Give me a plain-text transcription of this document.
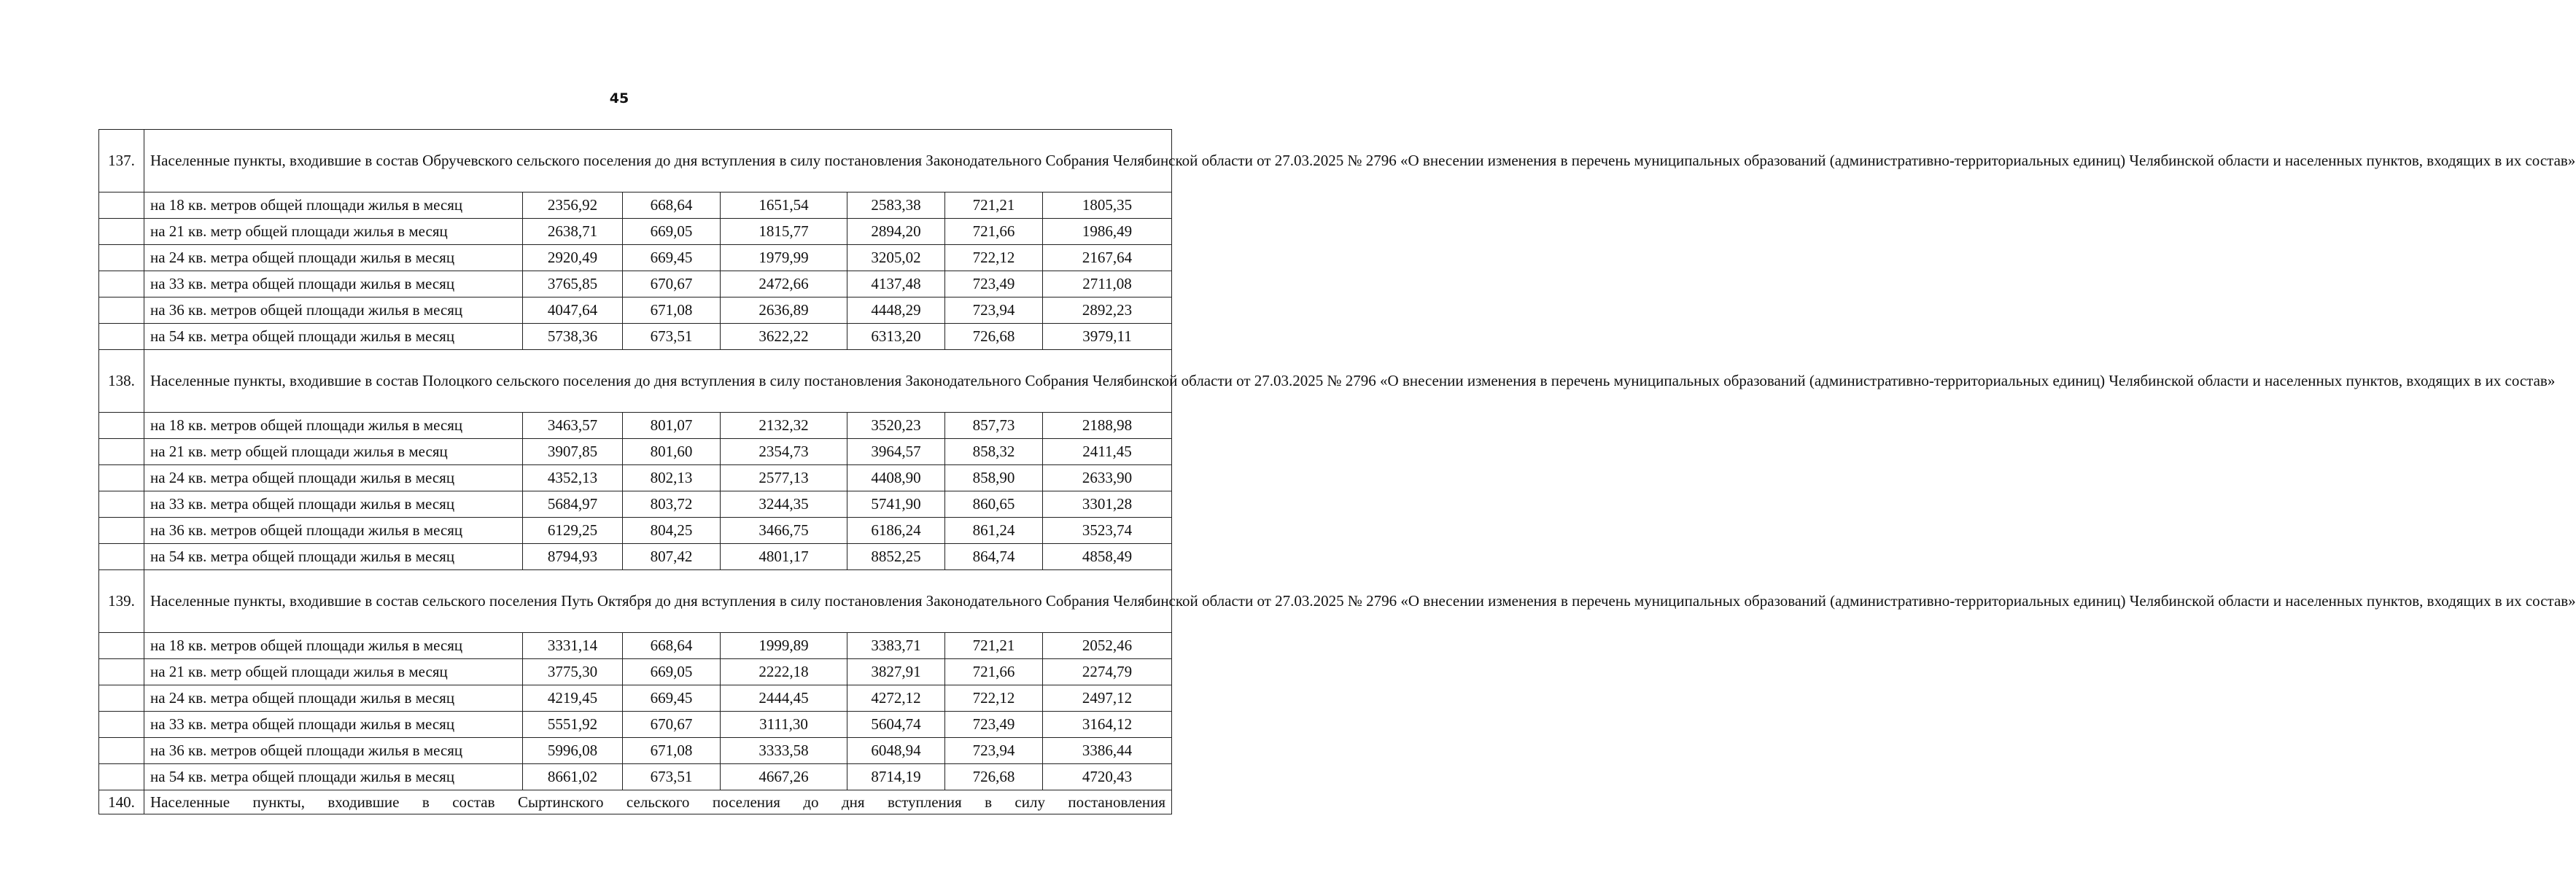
45
137.	Населенные пункты, входившие в состав Обручевского сельского поселения до дня вступления в силу постановления Законодательного Собрания Челябинской области от 27.03.2025 № 2796 «О внесении изменения в перечень муниципальных образований (административно-территориальных единиц) Челябинской области и населенных пунктов, входящих в их состав»						
	на 18 кв. метров общей площади жилья в месяц	2356,92	668,64	1651,54	2583,38	721,21	1805,35
	на 21 кв. метр общей площади жилья в месяц	2638,71	669,05	1815,77	2894,20	721,66	1986,49
	на 24 кв. метра общей площади жилья в месяц	2920,49	669,45	1979,99	3205,02	722,12	2167,64
	на 33 кв. метра общей площади жилья в месяц	3765,85	670,67	2472,66	4137,48	723,49	2711,08
	на 36 кв. метров общей площади жилья в месяц	4047,64	671,08	2636,89	4448,29	723,94	2892,23
	на 54 кв. метра общей площади жилья в месяц	5738,36	673,51	3622,22	6313,20	726,68	3979,11
138.	Населенные пункты, входившие в состав Полоцкого сельского поселения до дня вступления в силу постановления Законодательного Собрания Челябинской области от 27.03.2025 № 2796 «О внесении изменения в перечень муниципальных образований (административно-территориальных единиц) Челябинской области и населенных пунктов, входящих в их состав»						
	на 18 кв. метров общей площади жилья в месяц	3463,57	801,07	2132,32	3520,23	857,73	2188,98
	на 21 кв. метр общей площади жилья в месяц	3907,85	801,60	2354,73	3964,57	858,32	2411,45
	на 24 кв. метра общей площади жилья в месяц	4352,13	802,13	2577,13	4408,90	858,90	2633,90
	на 33 кв. метра общей площади жилья в месяц	5684,97	803,72	3244,35	5741,90	860,65	3301,28
	на 36 кв. метров общей площади жилья в месяц	6129,25	804,25	3466,75	6186,24	861,24	3523,74
	на 54 кв. метра общей площади жилья в месяц	8794,93	807,42	4801,17	8852,25	864,74	4858,49
139.	Населенные пункты, входившие в состав сельского поселения Путь Октября до дня вступления в силу постановления Законодательного Собрания Челябинской области от 27.03.2025 № 2796 «О внесении изменения в перечень муниципальных образований (административно-территориальных единиц) Челябинской области и населенных пунктов, входящих в их состав»						
	на 18 кв. метров общей площади жилья в месяц	3331,14	668,64	1999,89	3383,71	721,21	2052,46
	на 21 кв. метр общей площади жилья в месяц	3775,30	669,05	2222,18	3827,91	721,66	2274,79
	на 24 кв. метра общей площади жилья в месяц	4219,45	669,45	2444,45	4272,12	722,12	2497,12
	на 33 кв. метра общей площади жилья в месяц	5551,92	670,67	3111,30	5604,74	723,49	3164,12
	на 36 кв. метров общей площади жилья в месяц	5996,08	671,08	3333,58	6048,94	723,94	3386,44
	на 54 кв. метра общей площади жилья в месяц	8661,02	673,51	4667,26	8714,19	726,68	4720,43
140.	Населенные пункты, входившие в состав Сыртинского сельского поселения до дня вступления в силу постановления						
